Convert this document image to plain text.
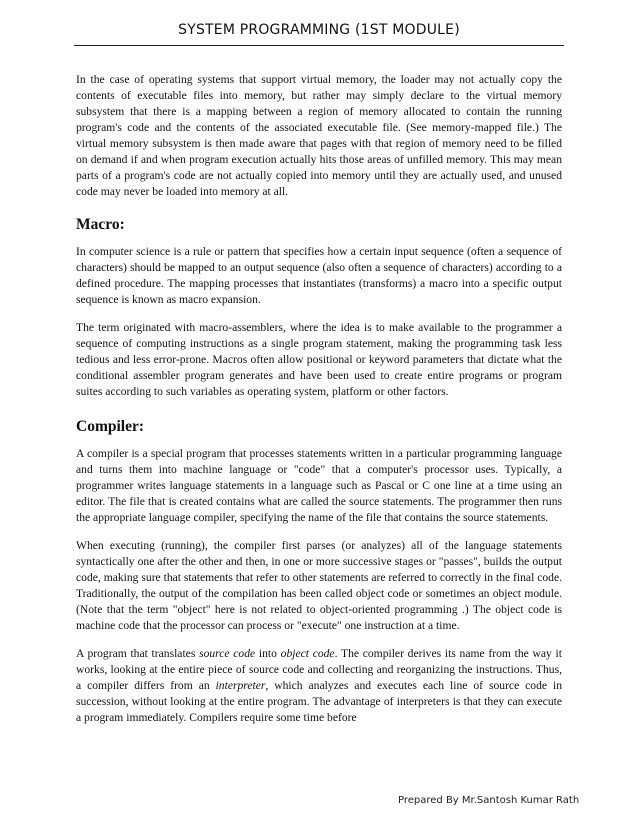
SYSTEM PROGRAMMING (1ST MODULE)

In the case of operating systems that support virtual memory, the loader may not actually copy the contents of executable files into memory, but rather may simply declare to the virtual memory subsystem that there is a mapping between a region of memory allocated to contain the running program's code and the contents of the associated executable file. (See memory-mapped file.) The virtual memory subsystem is then made aware that pages with that region of memory need to be filled on demand if and when program execution actually hits those areas of unfilled memory. This may mean parts of a program's code are not actually copied into memory until they are actually used, and unused code may never be loaded into memory at all.

Macro:

In computer science is a rule or pattern that specifies how a certain input sequence (often a sequence of characters) should be mapped to an output sequence (also often a sequence of characters) according to a defined procedure. The mapping processes that instantiates (transforms) a macro into a specific output sequence is known as macro expansion.

The term originated with macro-assemblers, where the idea is to make available to the programmer a sequence of computing instructions as a single program statement, making the programming task less tedious and less error-prone. Macros often allow positional or keyword parameters that dictate what the conditional assembler program generates and have been used to create entire programs or program suites according to such variables as operating system, platform or other factors.

Compiler:

A compiler is a special program that processes statements written in a particular programming language and turns them into machine language or "code" that a computer's processor uses. Typically, a programmer writes language statements in a language such as Pascal or C one line at a time using an editor. The file that is created contains what are called the source statements. The programmer then runs the appropriate language compiler, specifying the name of the file that contains the source statements.

When executing (running), the compiler first parses (or analyzes) all of the language statements syntactically one after the other and then, in one or more successive stages or "passes", builds the output code, making sure that statements that refer to other statements are referred to correctly in the final code. Traditionally, the output of the compilation has been called object code or sometimes an object module. (Note that the term "object" here is not related to object-oriented programming .) The object code is machine code that the processor can process or "execute" one instruction at a time.

A program that translates source code into object code. The compiler derives its name from the way it works, looking at the entire piece of source code and collecting and reorganizing the instructions. Thus, a compiler differs from an interpreter, which analyzes and executes each line of source code in succession, without looking at the entire program. The advantage of interpreters is that they can execute a program immediately. Compilers require some time before

Prepared By Mr.Santosh Kumar Rath
